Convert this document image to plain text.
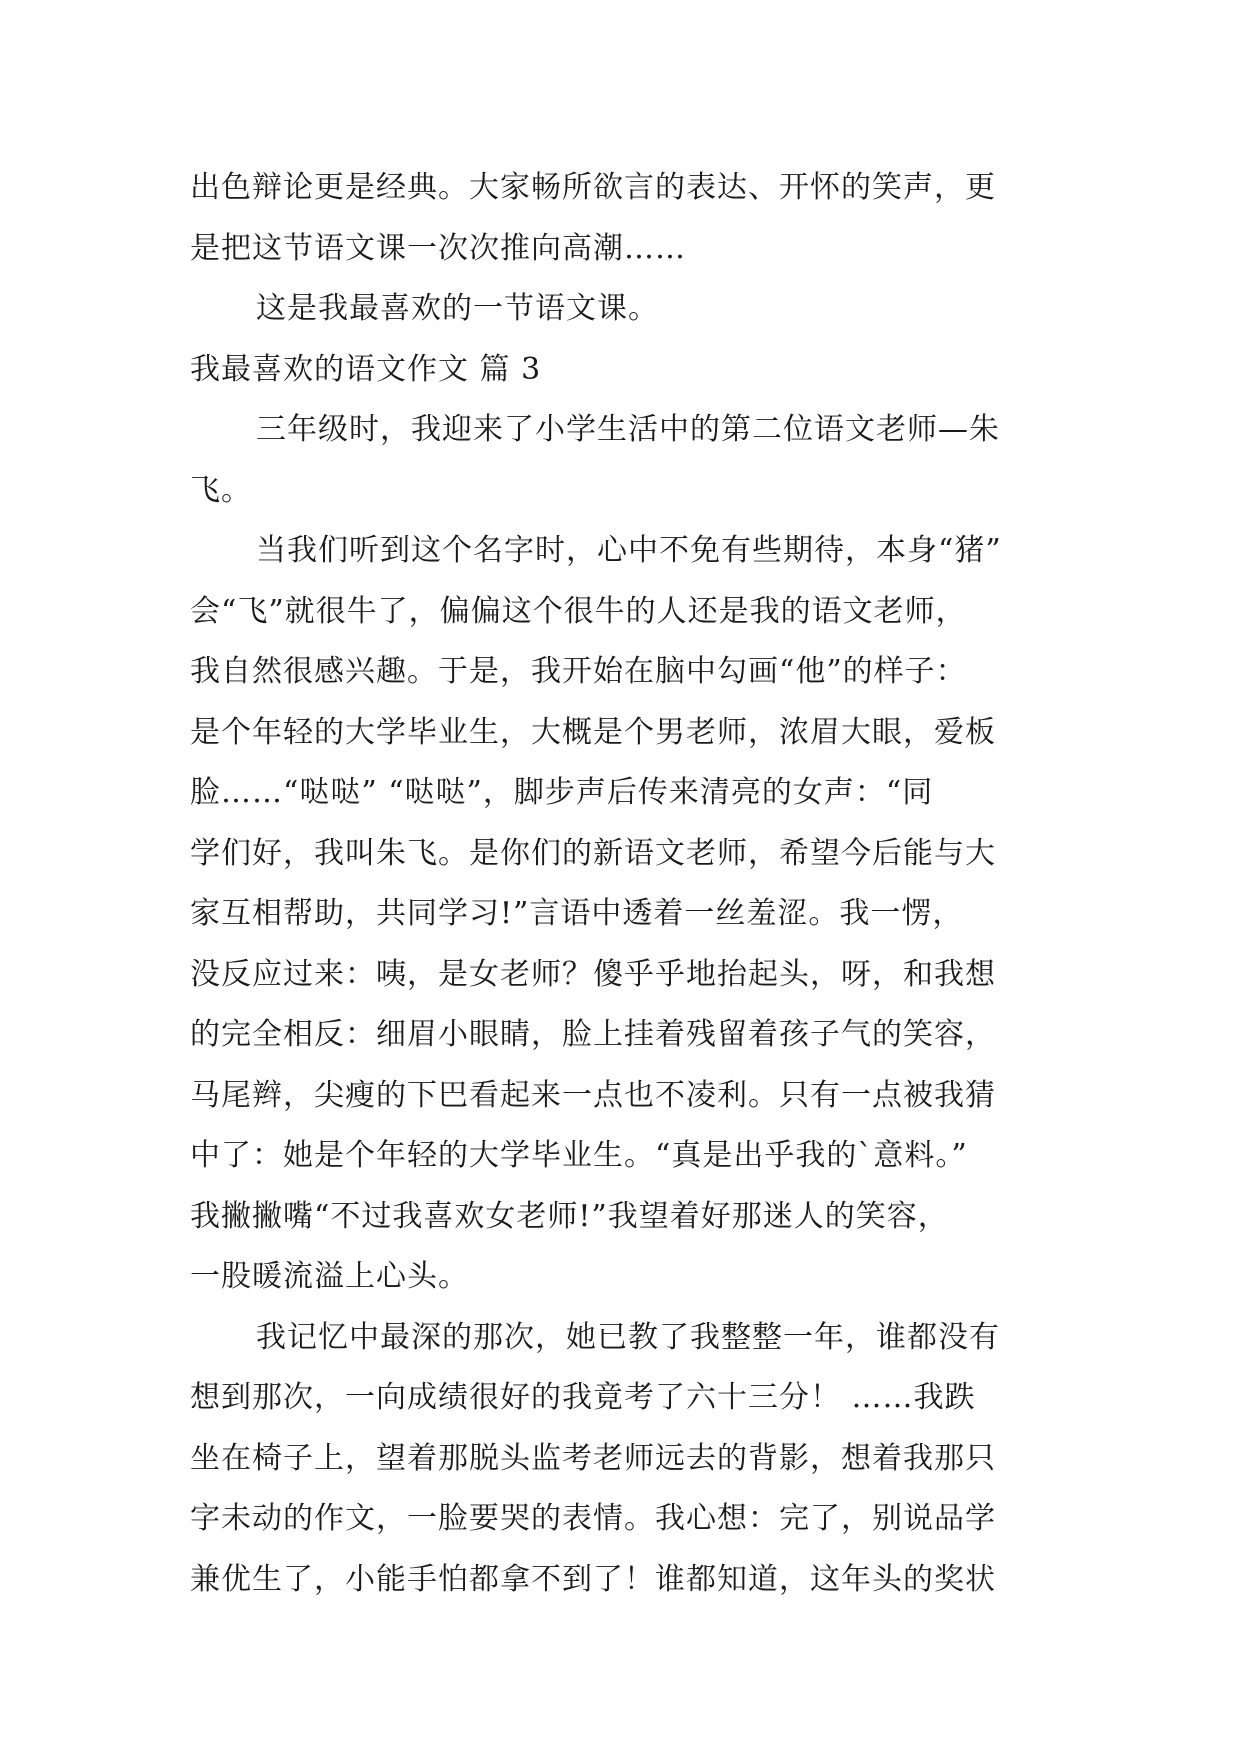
出色辩论更是经典。大家畅所欲言的表达、开怀的笑声，更
是把这节语文课一次次推向高潮……
这是我最喜欢的一节语文课。
我最喜欢的语文作文 篇 3
三年级时，我迎来了小学生活中的第二位语文老师—朱
飞。
当我们听到这个名字时，心中不免有些期待，本身“猪”
会“飞”就很牛了，偏偏这个很牛的人还是我的语文老师，
我自然很感兴趣。于是，我开始在脑中勾画“他”的样子：
是个年轻的大学毕业生，大概是个男老师，浓眉大眼，爱板
脸……“哒哒” “哒哒”，脚步声后传来清亮的女声：“同
学们好，我叫朱飞。是你们的新语文老师，希望今后能与大
家互相帮助，共同学习!”言语中透着一丝羞涩。我一愣，
没反应过来：咦，是女老师？傻乎乎地抬起头，呀，和我想
的完全相反：细眉小眼睛，脸上挂着残留着孩子气的笑容，
马尾辫，尖瘦的下巴看起来一点也不凌利。只有一点被我猜
中了：她是个年轻的大学毕业生。“真是出乎我的`意料。”
我撇撇嘴“不过我喜欢女老师!”我望着好那迷人的笑容，
一股暖流溢上心头。
我记忆中最深的那次，她已教了我整整一年，谁都没有
想到那次，一向成绩很好的我竟考了六十三分！ ……我跌
坐在椅子上，望着那脱头监考老师远去的背影，想着我那只
字未动的作文，一脸要哭的表情。我心想：完了，别说品学
兼优生了，小能手怕都拿不到了！谁都知道，这年头的奖状
